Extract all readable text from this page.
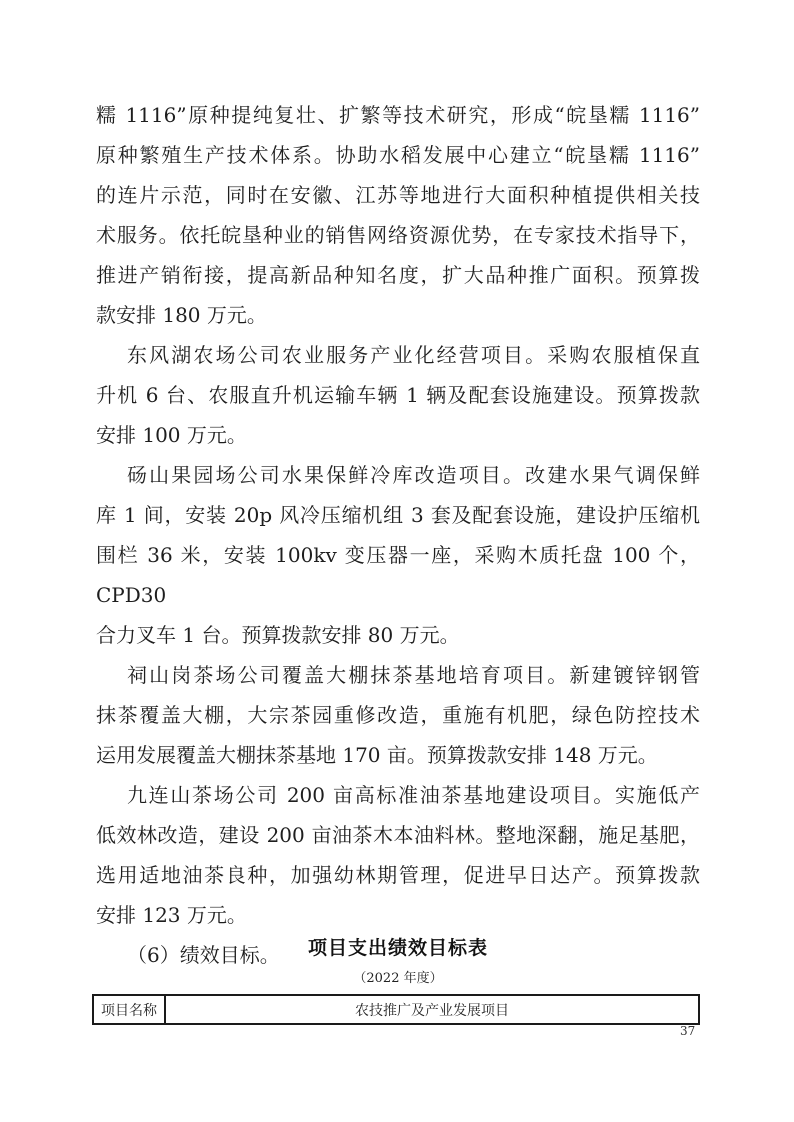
糯 1116”原种提纯复壮、扩繁等技术研究，形成“皖垦糯 1116”
原种繁殖生产技术体系。协助水稻发展中心建立“皖垦糯 1116”
的连片示范，同时在安徽、江苏等地进行大面积种植提供相关技
术服务。依托皖垦种业的销售网络资源优势，在专家技术指导下，
推进产销衔接，提高新品种知名度，扩大品种推广面积。预算拨
款安排 180 万元。
东风湖农场公司农业服务产业化经营项目。采购农服植保直
升机 6 台、农服直升机运输车辆 1 辆及配套设施建设。预算拨款
安排 100 万元。
砀山果园场公司水果保鲜冷库改造项目。改建水果气调保鲜
库 1 间，安装 20p 风冷压缩机组 3 套及配套设施，建设护压缩机
围栏 36 米，安装 100kv 变压器一座，采购木质托盘 100 个，CPD30
合力叉车 1 台。预算拨款安排 80 万元。
祠山岗茶场公司覆盖大棚抹茶基地培育项目。新建镀锌钢管
抹茶覆盖大棚，大宗茶园重修改造，重施有机肥，绿色防控技术
运用发展覆盖大棚抹茶基地 170 亩。预算拨款安排 148 万元。
九连山茶场公司 200 亩高标准油茶基地建设项目。实施低产
低效林改造，建设 200 亩油茶木本油料林。整地深翻，施足基肥，
选用适地油茶良种，加强幼林期管理，促进早日达产。预算拨款
安排 123 万元。
（6）绩效目标。	项目支出绩效目标表
（2022 年度）
项目名称	农技推广及产业发展项目
37
